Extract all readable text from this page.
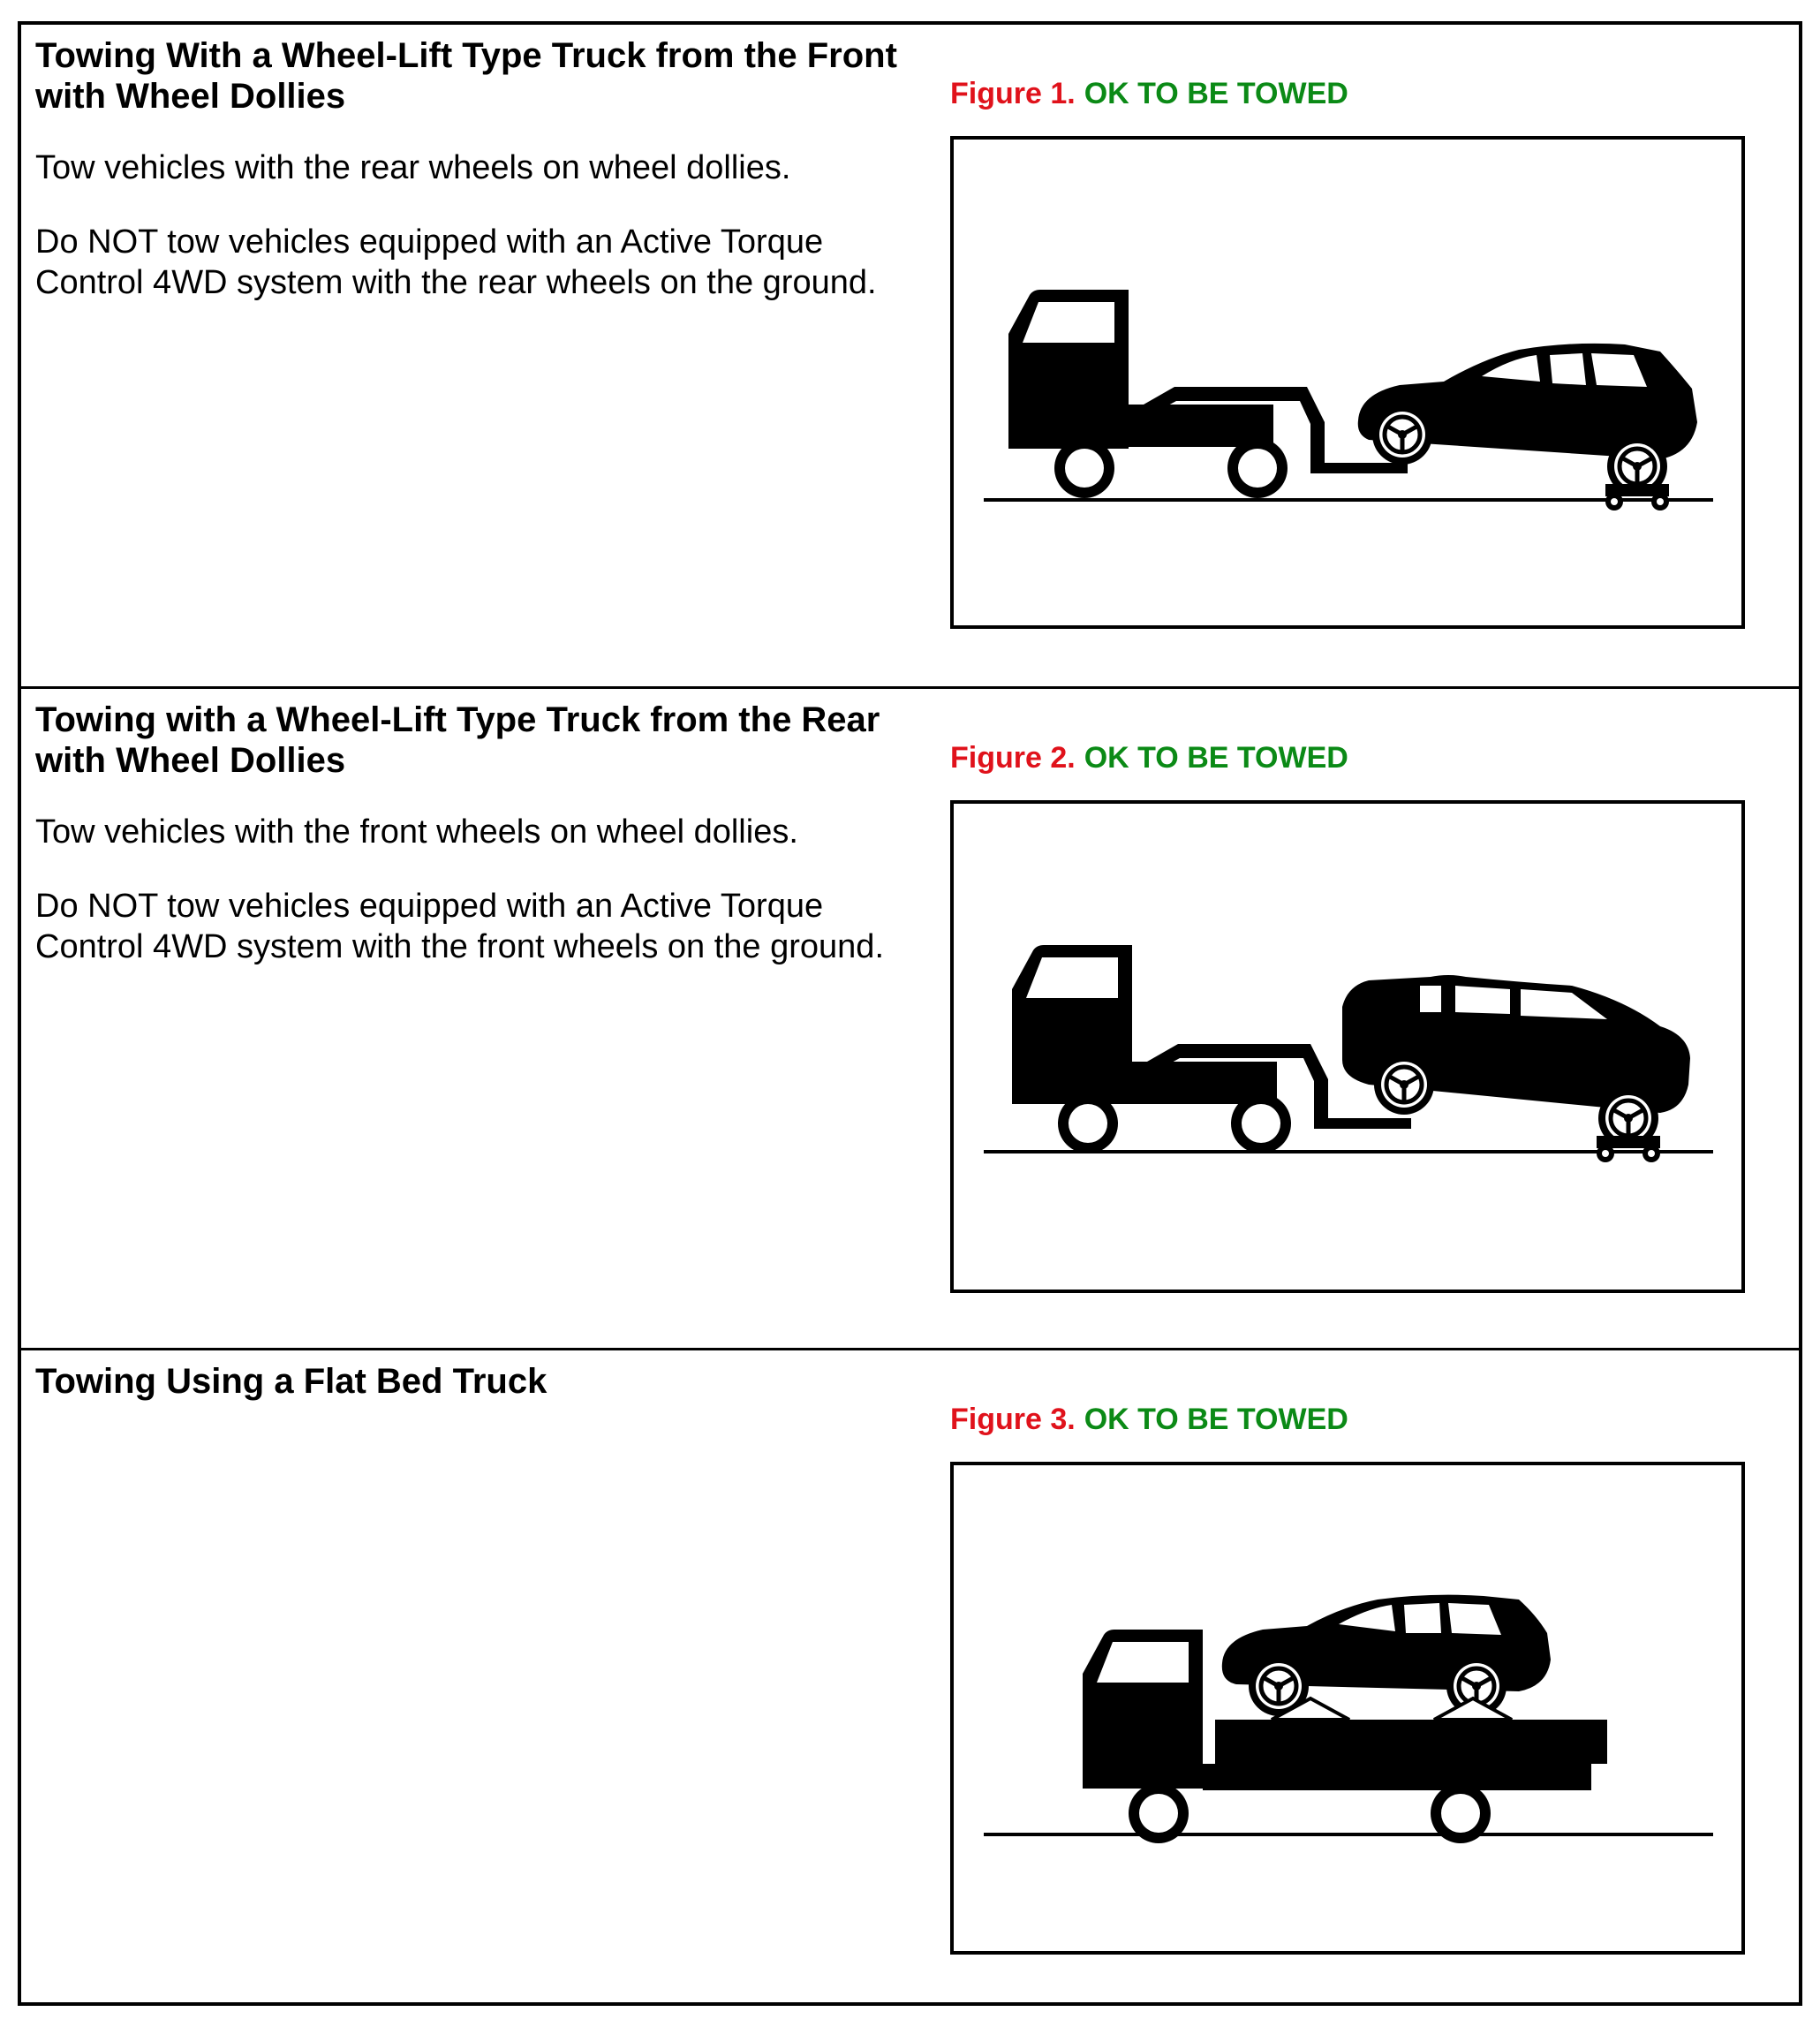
Towing With a Wheel-Lift Type Truck from the Front
with Wheel Dollies

Tow vehicles with the rear wheels on wheel dollies.

Do NOT tow vehicles equipped with an Active Torque Control 4WD system with the rear wheels on the ground.

Figure 1. OK TO BE TOWED
Towing with a Wheel-Lift Type Truck from the Rear
with Wheel Dollies

Tow vehicles with the front wheels on wheel dollies.

Do NOT tow vehicles equipped with an Active Torque Control 4WD system with the front wheels on the ground.

Figure 2. OK TO BE TOWED
Towing Using a Flat Bed Truck
Figure 3. OK TO BE TOWED
